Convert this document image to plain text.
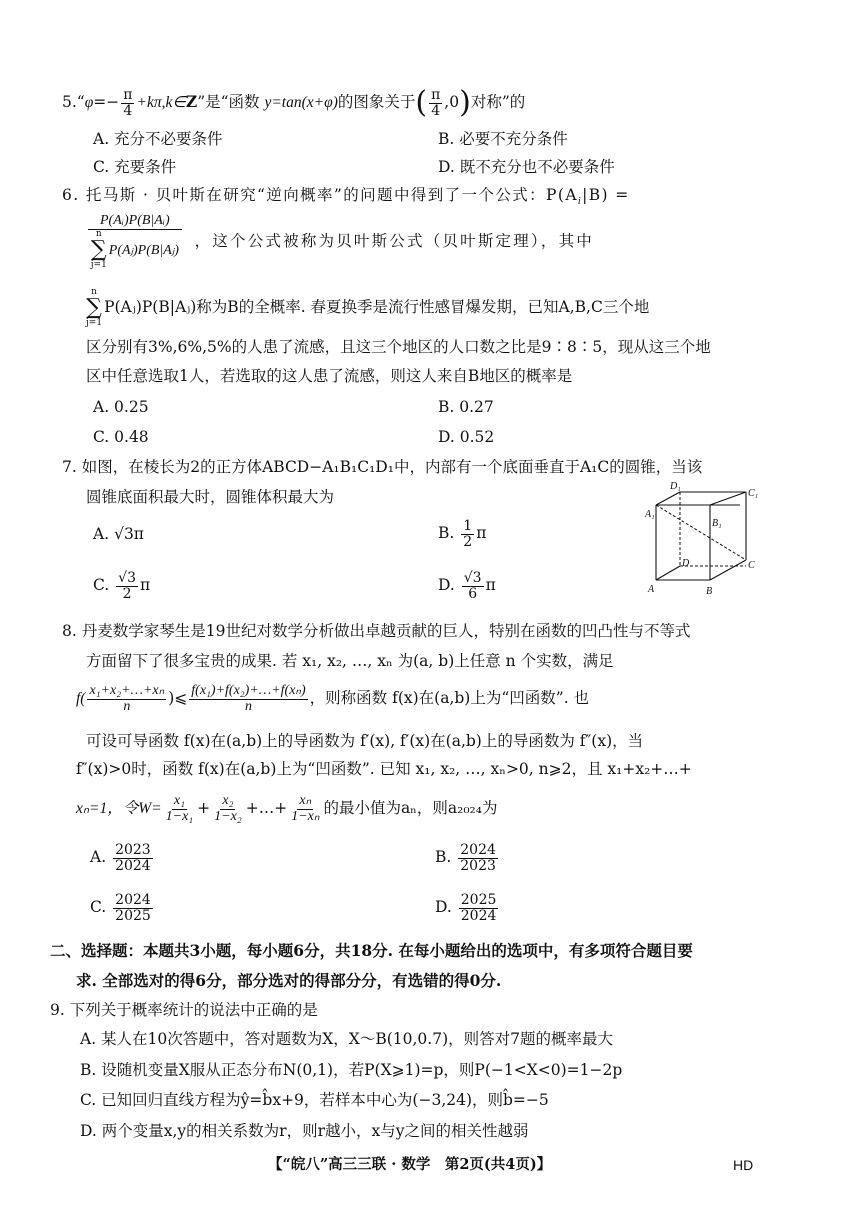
5.“φ=− $\frac{\pi}{4}$ +kπ,k∈Z”是“函数 y=tan(x+φ)的图象关于( $\frac{\pi}{4} ,0$)对称”的
A. 充分不必要条件	B. 必要不充分条件
C. 充要条件	D. 既不充分也不必要条件
6. 托马斯 · 贝叶斯在研究“逆向概率”的问题中得到了一个公式：$P(A_i|B)$ =
P(Aᵢ)P(B|Aᵢ)
n
∑
j=1
P(Aⱼ)P(B|Aⱼ) ，这个公式被称为贝叶斯公式（贝叶斯定理），其中
n
∑
j=1
P(Aⱼ)P(B|Aⱼ)称为B的全概率. 春夏换季是流行性感冒爆发期，已知A,B,C三个地
区分别有3%,6%,5%的人患了流感，且这三个地区的人口数之比是9∶8∶5，现从这三个地
区中任意选取1人，若选取的这人患了流感，则这人来自B地区的概率是
A. 0.25	B. 0.27
C. 0.48	D. 0.52
7. 如图，在棱长为2的正方体ABCD−A₁B₁C₁D₁中，内部有一个底面垂直于A₁C的圆锥，当该
圆锥底面积最大时，圆锥体积最大为
A. √3π	B. $\frac{1}{2}$ π
C. $\frac{√3}{2}$ π	D. $\frac{√3}{6}$ π
D₁
C₁
A₁
B₁
D	C
A	B
8. 丹麦数学家琴生是19世纪对数学分析做出卓越贡献的巨人，特别在函数的凹凸性与不等式
方面留下了很多宝贵的成果. 若 x₁, x₂, …, xₙ 为(a, b)上任意 n 个实数，满足
$f( \frac{\text{x₁+x₂+…+xₙ}}{n}$ )⩽ $\frac{\text{f(x₁)+f(x₂)+…+f(xₙ)}}{n}$ ，则称函数 f(x)在(a,b)上为“凹函数”. 也
可设可导函数 f(x)在(a,b)上的导函数为 f′(x), f′(x)在(a,b)上的导函数为 f″(x)，当
f″(x)>0时，函数 f(x)在(a,b)上为“凹函数”. 已知 x₁, x₂, …, xₙ>0, n⩾2，且 x₁+x₂+…+
xₙ=1，令$W= \frac{\text{x₁}}{\text{1−x₁}} + \frac{\text{x₂}}{\text{1−x₂}}$ +…+ $\frac{\text{xₙ}}{\text{1−xₙ}}$ 的最小值为aₙ，则a₂₀₂₄为
A. $\frac{2023}{2024}$	B. $\frac{2024}{2023}$
C. $\frac{2024}{2025}$	D. $\frac{2025}{2024}$
二、选择题：本题共3小题，每小题6分，共18分. 在每小题给出的选项中，有多项符合题目要
求. 全部选对的得6分，部分选对的得部分分，有选错的得0分.
9. 下列关于概率统计的说法中正确的是
A. 某人在10次答题中，答对题数为X，X～B(10,0.7)，则答对7题的概率最大
B. 设随机变量X服从正态分布N(0,1)，若P(X⩾1)=p，则P(−1<X<0)=1−2p
C. 已知回归直线方程为ŷ=b̂x+9，若样本中心为(−3,24)，则b̂=−5
D. 两个变量x,y的相关系数为r，则r越小，x与y之间的相关性越弱
【“皖八”高三三联 · 数学　第2页(共4页)】	HD
